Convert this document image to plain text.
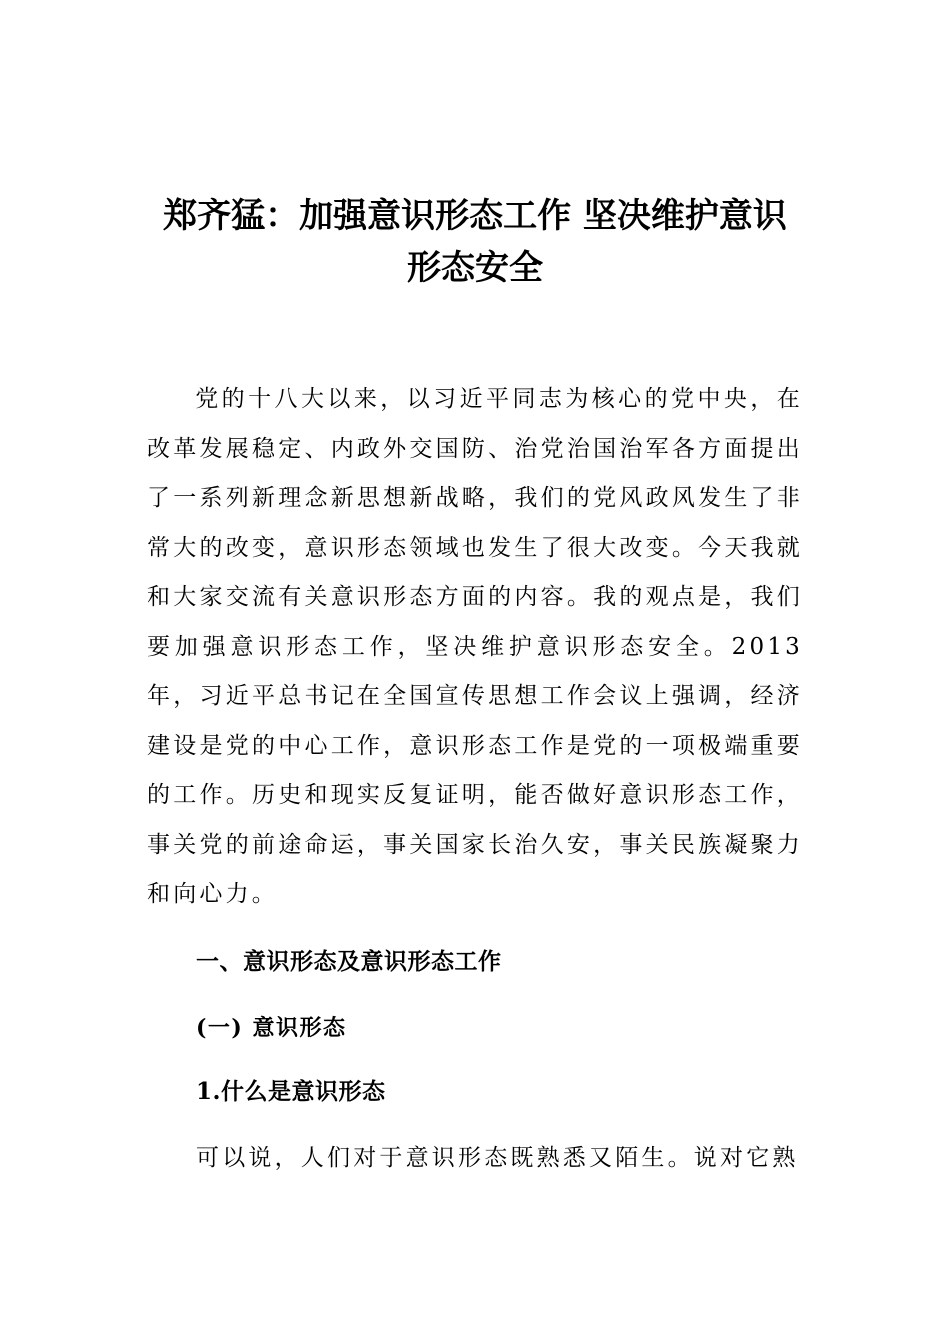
郑齐猛：加强意识形态工作 坚决维护意识
形态安全

党的十八大以来，以习近平同志为核心的党中央，在改革发展稳定、内政外交国防、治党治国治军各方面提出了一系列新理念新思想新战略，我们的党风政风发生了非常大的改变，意识形态领域也发生了很大改变。今天我就和大家交流有关意识形态方面的内容。我的观点是，我们要加强意识形态工作，坚决维护意识形态安全。2013年，习近平总书记在全国宣传思想工作会议上强调，经济建设是党的中心工作，意识形态工作是党的一项极端重要的工作。历史和现实反复证明，能否做好意识形态工作，事关党的前途命运，事关国家长治久安，事关民族凝聚力和向心力。

一、意识形态及意识形态工作
(一) 意识形态
1.什么是意识形态

可以说，人们对于意识形态既熟悉又陌生。说对它熟
